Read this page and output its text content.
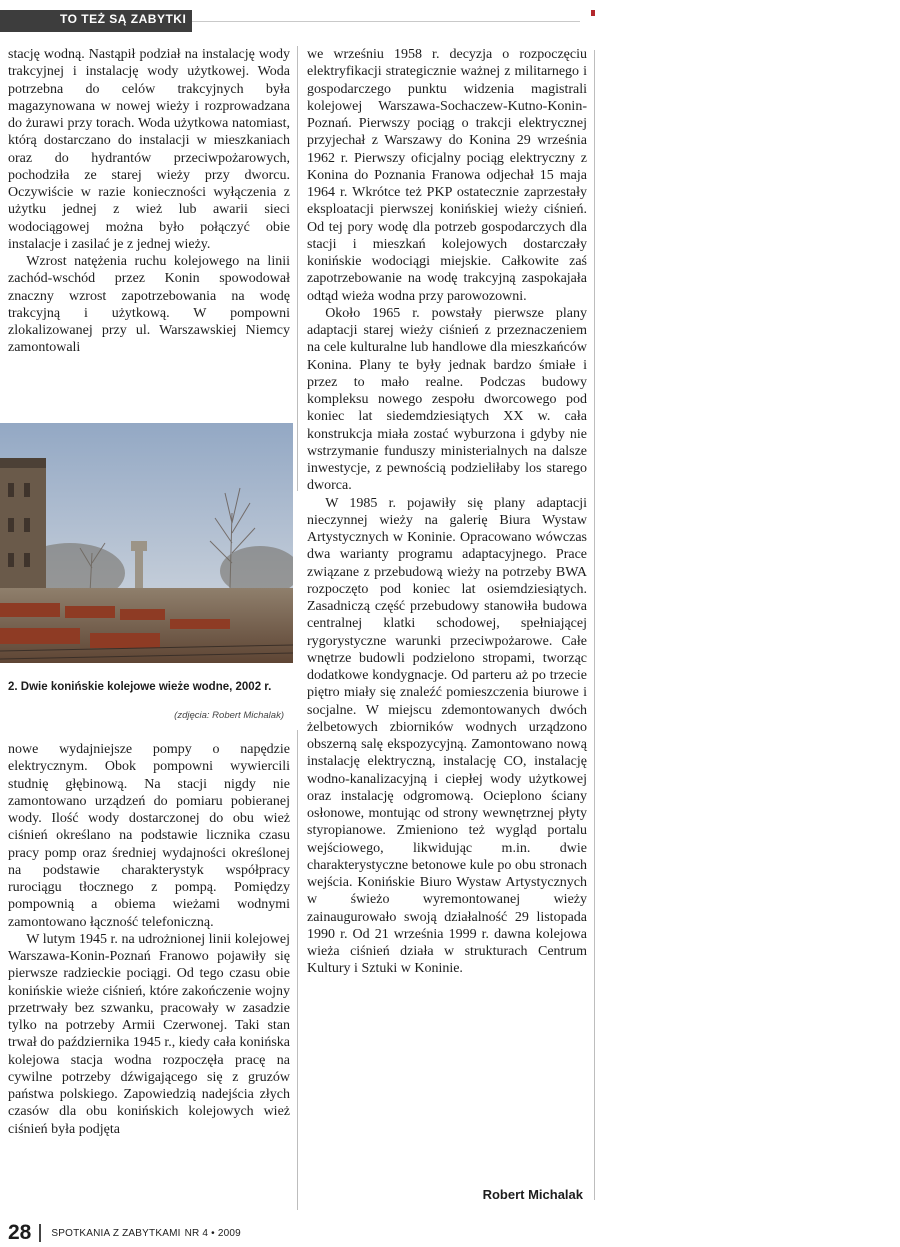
TO TEŻ SĄ ZABYTKI

stację wodną. Nastąpił podział na instalację wody trakcyjnej i instalację wody użytkowej. Woda potrzebna do celów trakcyjnych była magazynowana w nowej wieży i rozprowadzana do żurawi przy torach. Woda użytkowa natomiast, którą dostarczano do instalacji w mieszkaniach oraz do hydrantów przeciwpożarowych, pochodziła ze starej wieży przy dworcu. Oczywiście w razie konieczności wyłączenia z użytku jednej z wież lub awarii sieci wodociągowej można było połączyć obie instalacje i zasilać je z jednej wieży.

Wzrost natężenia ruchu kolejowego na linii zachód-wschód przez Konin spowodował znaczny wzrost zapotrzebowania na wodę trakcyjną i użytkową. W pompowni zlokalizowanej przy ul. Warszawskiej Niemcy zamontowali

2. Dwie konińskie kolejowe wieże wodne, 2002 r.
(zdjęcia: Robert Michalak)

nowe wydajniejsze pompy o napędzie elektrycznym. Obok pompowni wywiercili studnię głębinową. Na stacji nigdy nie zamontowano urządzeń do pomiaru pobieranej wody. Ilość wody dostarczonej do obu wież ciśnień określano na podstawie licznika czasu pracy pomp oraz średniej wydajności określonej na podstawie charakterystyk współpracy rurociągu tłocznego z pompą. Pomiędzy pompownią a obiema wieżami wodnymi zamontowano łączność telefoniczną.

W lutym 1945 r. na udrożnionej linii kolejowej Warszawa-Konin-Poznań Franowo pojawiły się pierwsze radzieckie pociągi. Od tego czasu obie konińskie wieże ciśnień, które zakończenie wojny przetrwały bez szwanku, pracowały w zasadzie tylko na potrzeby Armii Czerwonej. Taki stan trwał do października 1945 r., kiedy cała konińska kolejowa stacja wodna rozpoczęła pracę na cywilne potrzeby dźwigającego się z gruzów państwa polskiego. Zapowiedzią nadejścia złych czasów dla obu konińskich kolejowych wież ciśnień była podjęta

we wrześniu 1958 r. decyzja o rozpoczęciu elektryfikacji strategicznie ważnej z militarnego i gospodarczego punktu widzenia magistrali kolejowej Warszawa-Sochaczew-Kutno-Konin-Poznań. Pierwszy pociąg o trakcji elektrycznej przyjechał z Warszawy do Konina 29 września 1962 r. Pierwszy oficjalny pociąg elektryczny z Konina do Poznania Franowa odjechał 15 maja 1964 r. Wkrótce też PKP ostatecznie zaprzestały eksploatacji pierwszej konińskiej wieży ciśnień. Od tej pory wodę dla potrzeb gospodarczych dla stacji i mieszkań kolejowych dostarczały konińskie wodociągi miejskie. Całkowite zaś zapotrzebowanie na wodę trakcyjną zaspokajała odtąd wieża wodna przy parowozowni.

Około 1965 r. powstały pierwsze plany adaptacji starej wieży ciśnień z przeznaczeniem na cele kulturalne lub handlowe dla mieszkańców Konina. Plany te były jednak bardzo śmiałe i przez to mało realne. Podczas budowy kompleksu nowego zespołu dworcowego pod koniec lat siedemdziesiątych XX w. cała konstrukcja miała zostać wyburzona i gdyby nie wstrzymanie funduszy ministerialnych na dalsze inwestycje, z pewnością podzieliłaby los starego dworca.

W 1985 r. pojawiły się plany adaptacji nieczynnej wieży na galerię Biura Wystaw Artystycznych w Koninie. Opracowano wówczas dwa warianty programu adaptacyjnego. Prace związane z przebudową wieży na potrzeby BWA rozpoczęto pod koniec lat osiemdziesiątych. Zasadniczą część przebudowy stanowiła budowa centralnej klatki schodowej, spełniającej rygorystyczne warunki przeciwpożarowe. Całe wnętrze budowli podzielono stropami, tworząc dodatkowe kondygnacje. Od parteru aż po trzecie piętro miały się znaleźć pomieszczenia biurowe i socjalne. W miejscu zdemontowanych dwóch żelbetowych zbiorników wodnych urządzono obszerną salę ekspozycyjną. Zamontowano nową instalację elektryczną, instalację CO, instalację wodno-kanalizacyjną i ciepłej wody użytkowej oraz instalację odgromową. Ocieplono ściany osłonowe, montując od strony wewnętrznej płyty styropianowe. Zmieniono też wygląd portalu wejściowego, likwidując m.in. dwie charakterystyczne betonowe kule po obu stronach wejścia. Konińskie Biuro Wystaw Artystycznych w świeżo wyremontowanej wieży zainaugurowało swoją działalność 29 listopada 1990 r. Od 21 września 1999 r. dawna kolejowa wieża ciśnień działa w strukturach Centrum Kultury i Sztuki w Koninie.

Robert Michalak
28 SPOTKANIA Z ZABYTKAMI NR 4 • 2009
